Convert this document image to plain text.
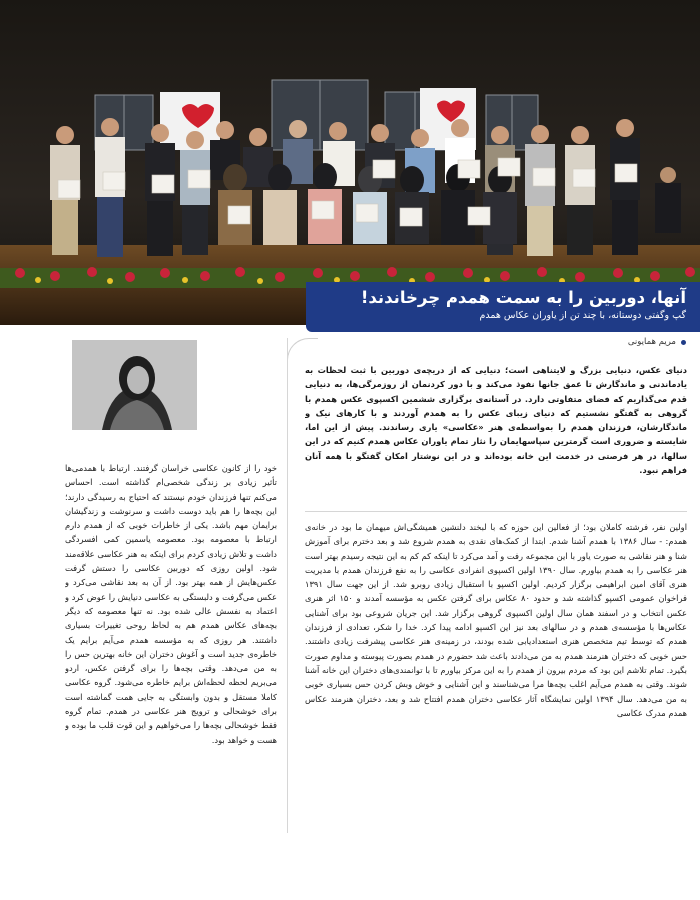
آنها، دوربین را به سمت همدم چرخاندند!
گپ وگفتی دوستانه، با چند تن از یاوران عکاس همدم
مریم همایونی
دنیای عکس، دنیایی بزرگ و لایتناهی است؛ دنیایی که از دریچه‌ی دوربین با ثبت لحظات به یادماندنی و ماندگارش تا عمق جانها نفوذ می‌کند و با دور کردنمان از روزمرگی‌ها، به دنیایی قدم می‌گذاریم که فضای متفاوتی دارد. در آستانه‌ی برگزاری ششمین اکسپوی عکس همدم با گروهی به گفتگو نشستیم که دنیای زیبای عکس را به همدم آوردند و با کارهای نیک و ماندگارشان، فرزندان همدم را به‌واسطه‌ی هنر «عکاسی» یاری رساندند. پیش از این اما، شایسته و ضروری است گرمترین سپاسهایمان را نثار تمام یاوران عکاس همدم کنیم که در این سالها، در هر فرصتی در خدمت این خانه بوده‌اند و در این نوشتار امکان گفتگو با همه آنان فراهم نبود.
اولین نفر، فرشته کاملان بود؛ از فعالین این حوزه که با لبخند دلنشین همیشگی‌اش میهمان ما بود در خانه‌ی همدم: - سال ۱۳۸۶ با همدم آشنا شدم. ابتدا از کمک‌های نقدی به همدم شروع شد و بعد دخترم برای آموزش شنا و هنر نقاشی به صورت یاور با این مجموعه رفت و آمد می‌کرد تا اینکه کم کم به این نتیجه رسیدم بهتر است هنر عکاسی را به همدم بیاورم. سال ۱۳۹۰ اولین اکسپوی انفرادی عکاسی را به نفع فرزندان همدم با مدیریت هنری آقای امین ابراهیمی برگزار کردیم. اولین اکسپو با استقبال زیادی روبرو شد. از این جهت سال ۱۳۹۱ فراخوان عمومی اکسپو گذاشته شد و حدود ۸۰ عکاس برای گرفتن عکس به مؤسسه آمدند و ۱۵۰ اثر هنری عکس انتخاب و در اسفند همان سال اولین اکسپوی گروهی برگزار شد. این جریان شروعی بود برای آشنایی عکاس‌ها با مؤسسه‌ی همدم و در سالهای بعد نیز این اکسپو ادامه پیدا کرد. خدا را شکر، تعدادی از فرزندان همدم که توسط تیم متخصص هنری استعدادیابی شده بودند، در زمینه‌ی هنر عکاسی پیشرفت زیادی داشتند. حس خوبی که دختران هنرمند همدم به من می‌دادند باعث شد حضورم در همدم بصورت پیوسته و مداوم صورت بگیرد. تمام تلاشم این بود که مردم بیرون از همدم را به این مرکز بیاورم تا با توانمندی‌های دختران این خانه آشنا شوند. وقتی به همدم می‌آیم اغلب بچه‌ها مرا می‌شناسند و این آشنایی و خوش وبش کردن حس بسیاری خوبی به من می‌دهد. سال ۱۳۹۴ اولین نمایشگاه آثار عکاسی دختران همدم افتتاح شد و بعد، دختران هنرمند عکاس همدم مدرک عکاسی
خود را از کانون عکاسی خراسان گرفتند. ارتباط با همدمی‌ها تأثیر زیادی بر زندگی شخصی‌ام گذاشته است. احساس می‌کنم تنها فرزندان خودم نیستند که احتیاج به رسیدگی دارند؛ این بچه‌ها را هم باید دوست داشت و سرنوشت و زندگیشان برایمان مهم باشد. یکی از خاطرات خوبی که از همدم دارم ارتباط با معصومه بود. معصومه یاسمین کمی افسردگی داشت و تلاش زیادی کردم برای اینکه به هنر عکاسی علاقه‌مند شود. اولین روزی که دوربین عکاسی را دستش گرفت عکس‌هایش از همه بهتر بود. از آن به بعد نقاشی می‌کرد و عکس می‌گرفت و دلبستگی به عکاسی دنیایش را عوض کرد و اعتماد به نفسش عالی شده بود. نه تنها معصومه که دیگر بچه‌های عکاس همدم هم به لحاظ روحی تغییرات بسیاری داشتند. هر روزی که به مؤسسه همدم می‌آیم برایم یک خاطره‌ی جدید است و آغوش دختران این خانه بهترین حس را به من می‌دهد. وقتی بچه‌ها را برای گرفتن عکس، اردو می‌بریم لحظه لحظه‌اش برایم خاطره می‌شود. گروه عکاسی کاملا مستقل و بدون وابستگی به جایی همت گماشته است برای خوشحالی و ترویج هنر عکاسی در همدم. تمام گروه فقط خوشحالی بچه‌ها را می‌خواهیم و این قوت قلب ما بوده و هست و خواهد بود.
